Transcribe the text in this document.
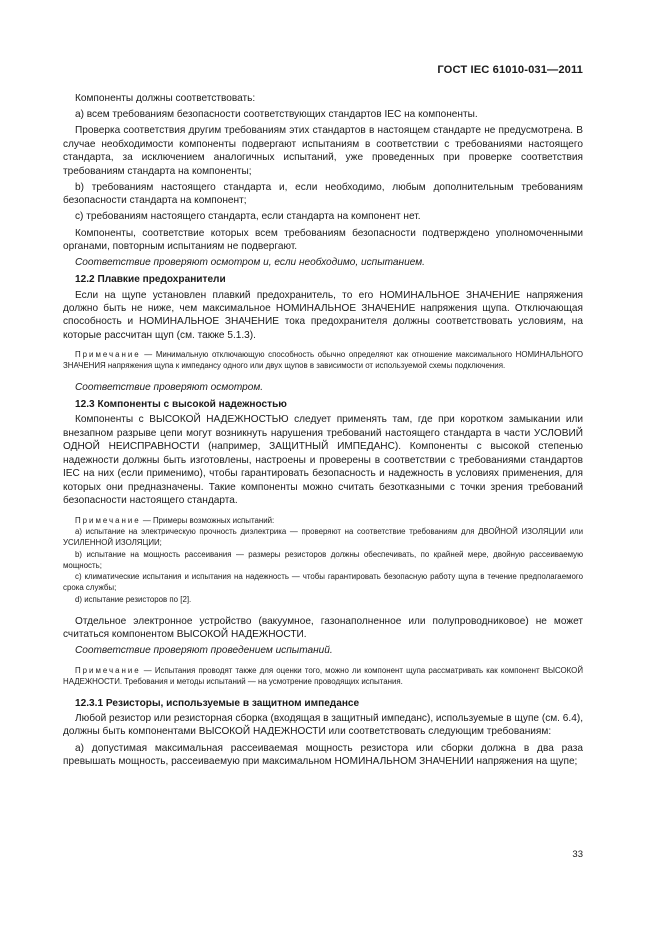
ГОСТ IEC 61010-031—2011

Компоненты должны соответствовать:

а) всем требованиям безопасности соответствующих стандартов IEC на компоненты.

Проверка соответствия другим требованиям этих стандартов в настоящем стандарте не предусмотрена. В случае необходимости компоненты подвергают испытаниям в соответствии с требованиями настоящего стандарта, за исключением аналогичных испытаний, уже проведенных при проверке соответствия требованиям стандарта на компоненты;

b) требованиям настоящего стандарта и, если необходимо, любым дополнительным требованиям безопасности стандарта на компонент;

с) требованиям настоящего стандарта, если стандарта на компонент нет.

Компоненты, соответствие которых всем требованиям безопасности подтверждено уполномоченными органами, повторным испытаниям не подвергают.

Соответствие проверяют осмотром и, если необходимо, испытанием.

12.2 Плавкие предохранители

Если на щупе установлен плавкий предохранитель, то его НОМИНАЛЬНОЕ ЗНАЧЕНИЕ напряжения должно быть не ниже, чем максимальное НОМИНАЛЬНОЕ ЗНАЧЕНИЕ напряжения щупа. Отключающая способность и НОМИНАЛЬНОЕ ЗНАЧЕНИЕ тока предохранителя должны соответствовать условиям, на которые рассчитан щуп (см. также 5.1.3).

Примечание — Минимальную отключающую способность обычно определяют как отношение максимального НОМИНАЛЬНОГО ЗНАЧЕНИЯ напряжения щупа к импедансу одного или двух щупов в зависимости от используемой схемы подключения.

Соответствие проверяют осмотром.

12.3 Компоненты с высокой надежностью

Компоненты с ВЫСОКОЙ НАДЕЖНОСТЬЮ следует применять там, где при коротком замыкании или внезапном разрыве цепи могут возникнуть нарушения требований настоящего стандарта в части УСЛОВИЙ ОДНОЙ НЕИСПРАВНОСТИ (например, ЗАЩИТНЫЙ ИМПЕДАНС). Компоненты с высокой степенью надежности должны быть изготовлены, настроены и проверены в соответствии с требованиями стандартов IEC на них (если применимо), чтобы гарантировать безопасность и надежность в условиях применения, для которых они предназначены. Такие компоненты можно считать безотказными с точки зрения требований безопасности настоящего стандарта.

Примечание — Примеры возможных испытаний:

а) испытание на электрическую прочность диэлектрика — проверяют на соответствие требованиям для ДВОЙНОЙ ИЗОЛЯЦИИ или УСИЛЕННОЙ ИЗОЛЯЦИИ;

b) испытание на мощность рассеивания — размеры резисторов должны обеспечивать, по крайней мере, двойную рассеиваемую мощность;

с) климатические испытания и испытания на надежность — чтобы гарантировать безопасную работу щупа в течение предполагаемого срока службы;

d) испытание резисторов по [2].

Отдельное электронное устройство (вакуумное, газонаполненное или полупроводниковое) не может считаться компонентом ВЫСОКОЙ НАДЕЖНОСТИ.

Соответствие проверяют проведением испытаний.

Примечание — Испытания проводят также для оценки того, можно ли компонент щупа рассматривать как компонент ВЫСОКОЙ НАДЕЖНОСТИ. Требования и методы испытаний — на усмотрение проводящих испытания.

12.3.1 Резисторы, используемые в защитном импедансе

Любой резистор или резисторная сборка (входящая в защитный импеданс), используемые в щупе (см. 6.4), должны быть компонентами ВЫСОКОЙ НАДЕЖНОСТИ или соответствовать следующим требованиям:

а) допустимая максимальная рассеиваемая мощность резистора или сборки должна в два раза превышать мощность, рассеиваемую при максимальном НОМИНАЛЬНОМ ЗНАЧЕНИИ напряжения на щупе;

33
